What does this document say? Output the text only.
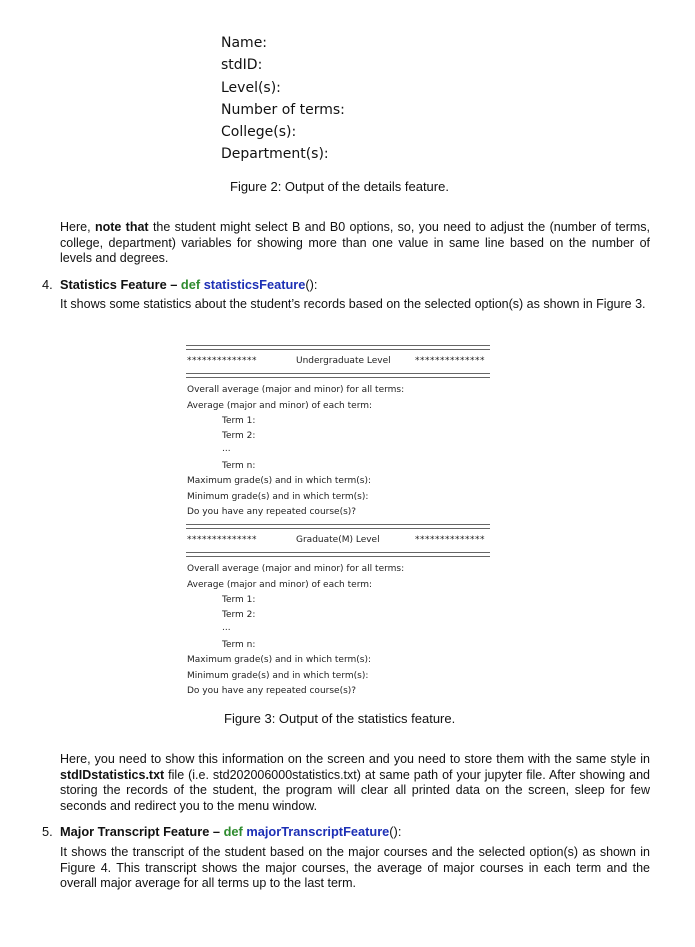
Name:
stdID:
Level(s):
Number of terms:
College(s):
Department(s):
Figure 2: Output of the details feature.
Here, note that the student might select B and B0 options, so, you need to adjust the (number of terms, college, department) variables for showing more than one value in same line based on the number of levels and degrees.
4. Statistics Feature – def statisticsFeature():
It shows some statistics about the student’s records based on the selected option(s) as shown in Figure 3.
**************	Undergraduate Level	**************
Overall average (major and minor) for all terms:
Average (major and minor) of each term:
Term 1:
Term 2:
...
Term n:
Maximum grade(s) and in which term(s):
Minimum grade(s) and in which term(s):
Do you have any repeated course(s)?
**************	Graduate(M) Level	**************
Overall average (major and minor) for all terms:
Average (major and minor) of each term:
Term 1:
Term 2:
...
Term n:
Maximum grade(s) and in which term(s):
Minimum grade(s) and in which term(s):
Do you have any repeated course(s)?
Figure 3: Output of the statistics feature.
Here, you need to show this information on the screen and you need to store them with the same style in stdIDstatistics.txt file (i.e. std202006000statistics.txt) at same path of your jupyter file. After showing and storing the records of the student, the program will clear all printed data on the screen, sleep for few seconds and redirect you to the menu window.
5. Major Transcript Feature – def majorTranscriptFeature():
It shows the transcript of the student based on the major courses and the selected option(s) as shown in Figure 4. This transcript shows the major courses, the average of major courses in each term and the overall major average for all terms up to the last term.
